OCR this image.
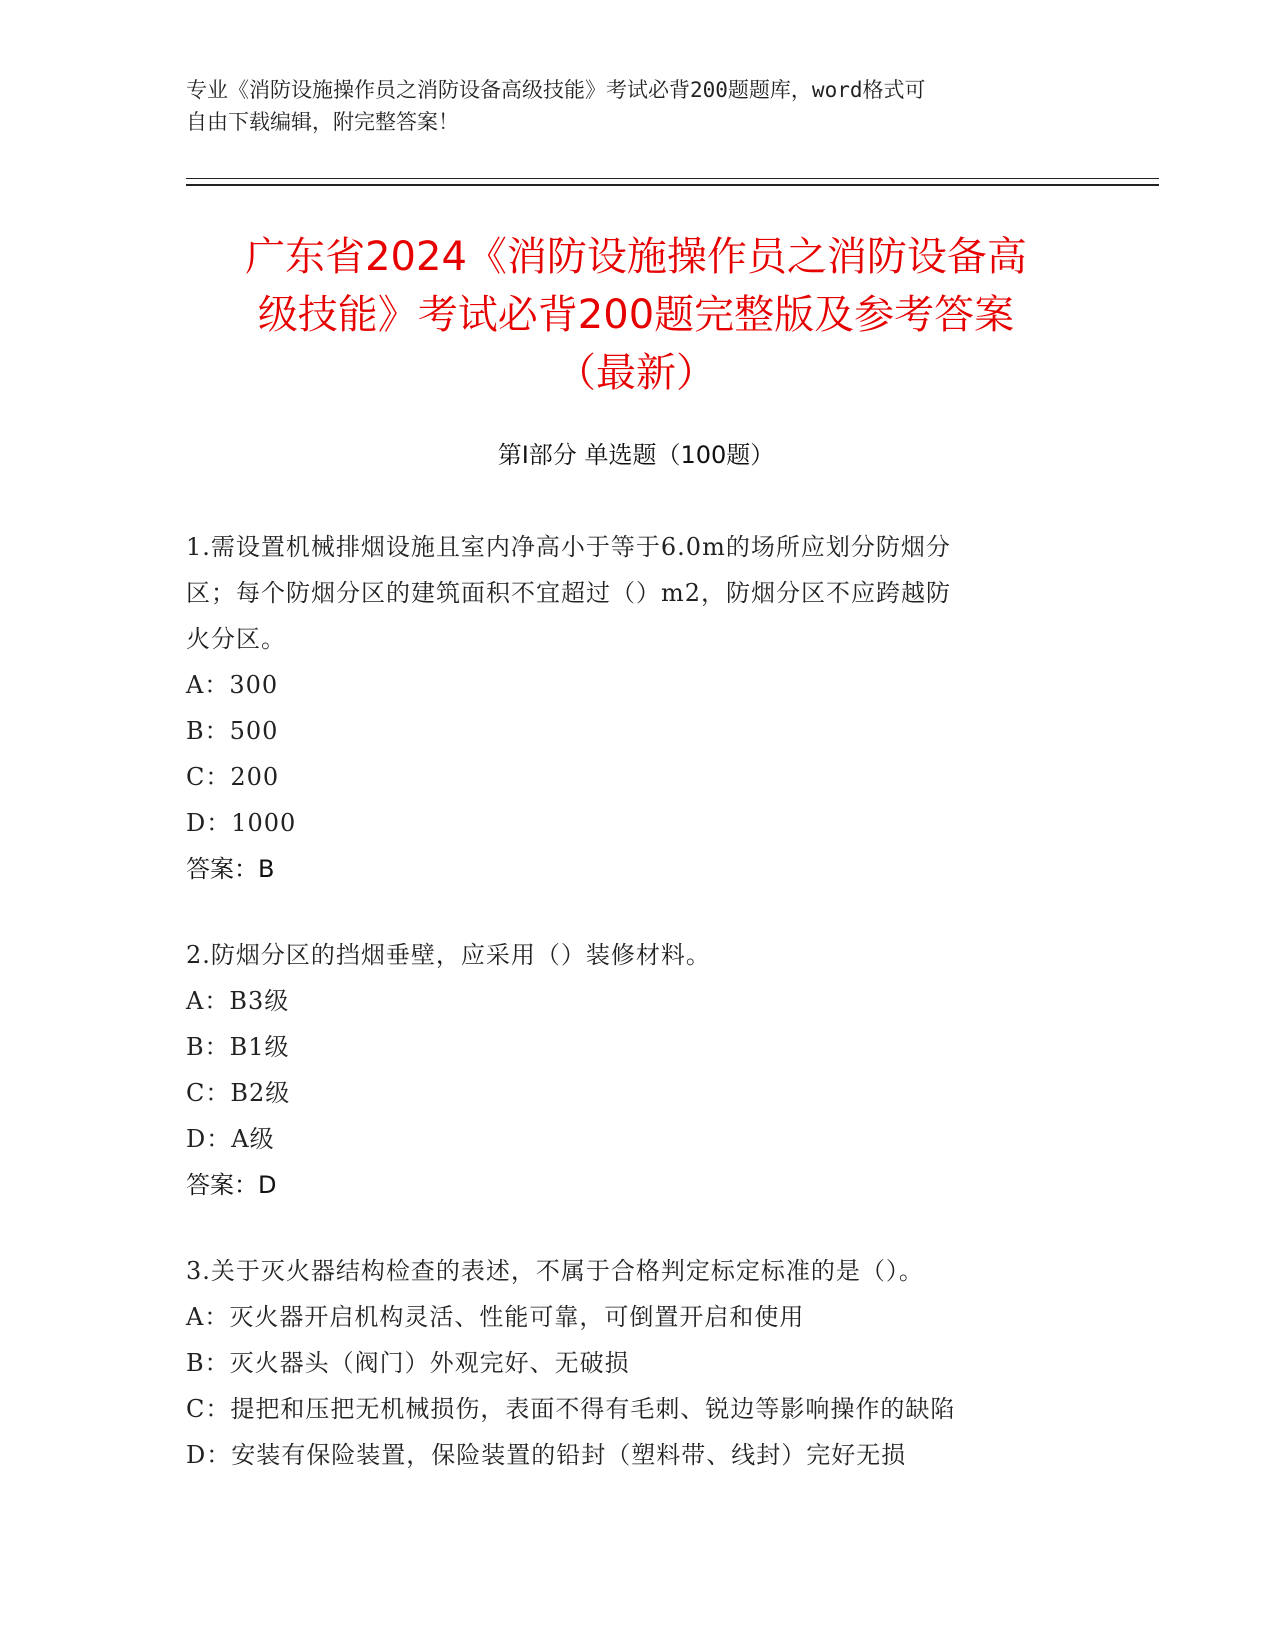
专业《消防设施操作员之消防设备高级技能》考试必背200题题库，word格式可
自由下载编辑，附完整答案！
广东省2024《消防设施操作员之消防设备高
级技能》考试必背200题完整版及参考答案
（最新）
第I部分 单选题（100题）
1.需设置机械排烟设施且室内净高小于等于6.0m的场所应划分防烟分
区；每个防烟分区的建筑面积不宜超过（）m2，防烟分区不应跨越防
火分区。
A：300
B：500
C：200
D：1000
答案：B
2.防烟分区的挡烟垂壁，应采用（）装修材料。
A：B3级
B：B1级
C：B2级
D：A级
答案：D
3.关于灭火器结构检查的表述，不属于合格判定标定标准的是（）。
A：灭火器开启机构灵活、性能可靠，可倒置开启和使用
B：灭火器头（阀门）外观完好、无破损
C：提把和压把无机械损伤，表面不得有毛刺、锐边等影响操作的缺陷
D：安装有保险装置，保险装置的铅封（塑料带、线封）完好无损
